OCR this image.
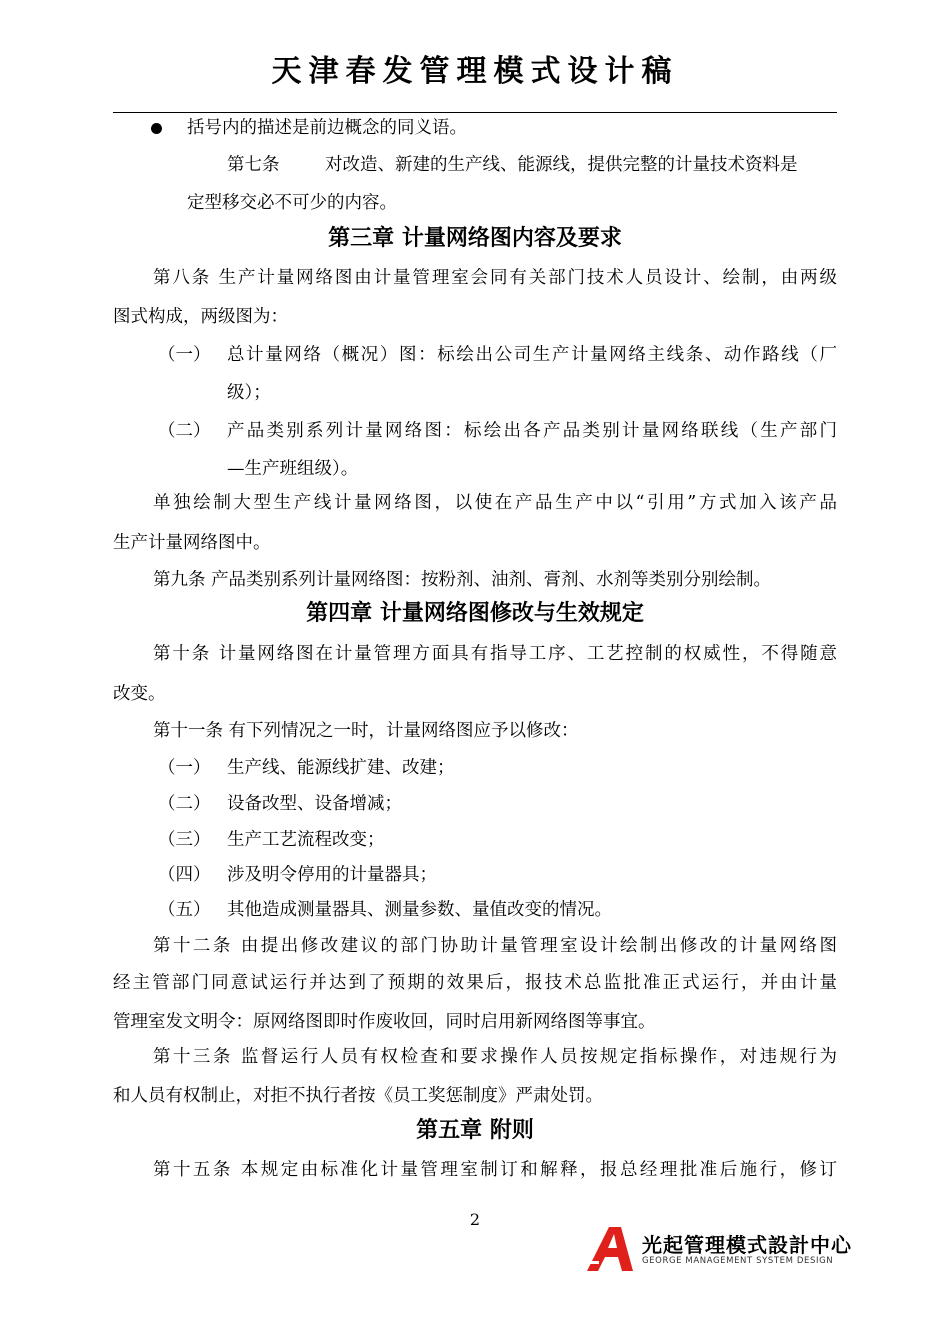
天津春发管理模式设计稿
括号内的描述是前边概念的同义语。
第七条	对改造、新建的生产线、能源线，提供完整的计量技术资料是
定型移交必不可少的内容。
第三章 计量网络图内容及要求
第八条 生产计量网络图由计量管理室会同有关部门技术人员设计、绘制，由两级
图式构成，两级图为：
（一） 总计量网络（概况）图：标绘出公司生产计量网络主线条、动作路线（厂
级）；
（二） 产品类别系列计量网络图：标绘出各产品类别计量网络联线（生产部门
—生产班组级）。
单独绘制大型生产线计量网络图，以使在产品生产中以“引用”方式加入该产品
生产计量网络图中。
第九条 产品类别系列计量网络图：按粉剂、油剂、膏剂、水剂等类别分别绘制。
第四章 计量网络图修改与生效规定
第十条 计量网络图在计量管理方面具有指导工序、工艺控制的权威性，不得随意
改变。
第十一条 有下列情况之一时，计量网络图应予以修改：
（一） 生产线、能源线扩建、改建；
（二） 设备改型、设备增减；
（三） 生产工艺流程改变；
（四） 涉及明令停用的计量器具；
（五） 其他造成测量器具、测量参数、量值改变的情况。
第十二条 由提出修改建议的部门协助计量管理室设计绘制出修改的计量网络图
经主管部门同意试运行并达到了预期的效果后，报技术总监批准正式运行，并由计量
管理室发文明令：原网络图即时作废收回，同时启用新网络图等事宜。
第十三条 监督运行人员有权检查和要求操作人员按规定指标操作，对违规行为
和人员有权制止，对拒不执行者按《员工奖惩制度》严肃处罚。
第五章 附则
第十五条 本规定由标准化计量管理室制订和解释，报总经理批准后施行，修订
2
光起管理模式設計中心
GEORGE MANAGEMENT SYSTEM DESIGN
